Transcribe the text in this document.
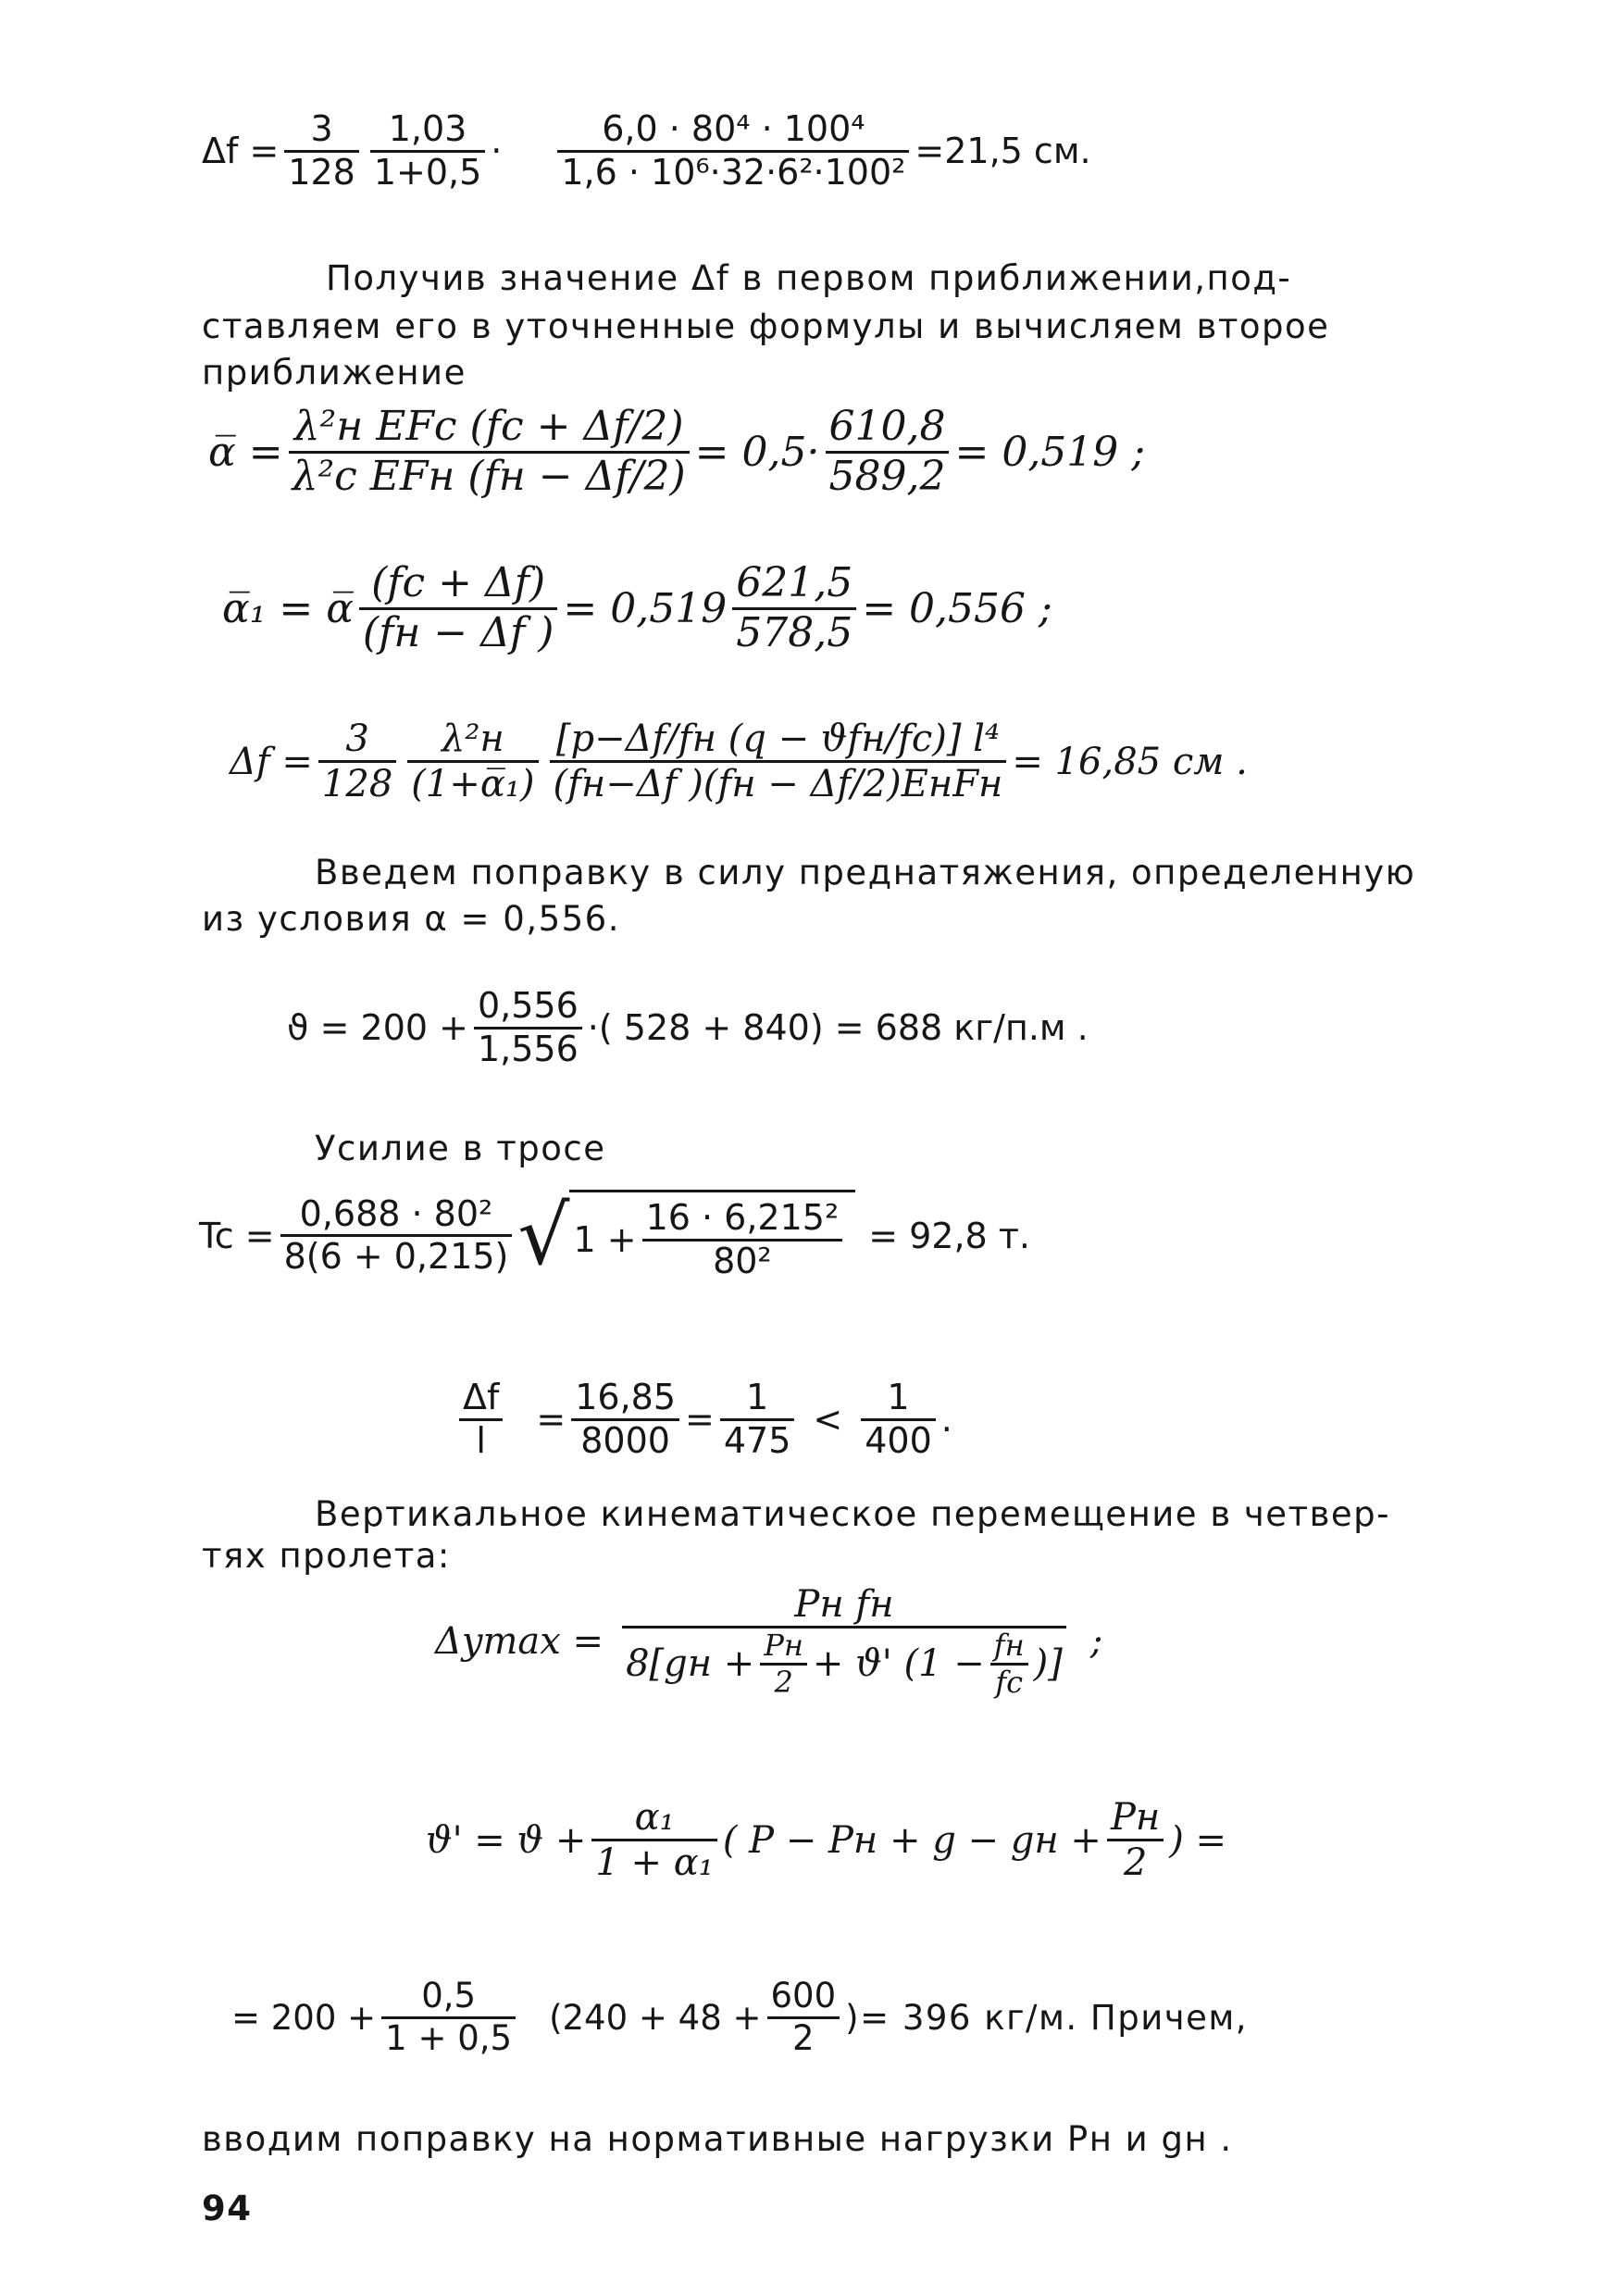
$\Delta f = \frac{3}{128} \frac{1,03}{1+0,5} \cdot \frac{\text{6,0 · 80⁴ · 100⁴}}{\text{1,6 · 10⁶·32·6²·100²}} =21,5$ см.
Получив значение Δf в первом приближении,под-
ставляем его в уточненные формулы и вычисляем второе
приближение
α̅ = $\frac{\text{λ²н EFc (fc + Δf/2)}}{\text{λ²c EFн (fн − Δf/2)}} = 0,5\cdot \frac{610,8}{589,2} = 0,519$ ;
α̅₁ = α̅ $\frac{(fc + \Delta f)}{(fн - \Delta f )} = 0,519 \frac{621,5}{578,5} = 0,556$ ;
$\Delta f = \frac{3}{128} \frac{\text{λ²н}}{\text{(1+α̅₁)}} \frac{\text{[p−Δf/fн (q − ϑfн/fc)] l⁴}}{\text{(fн−Δf )(fн − Δf/2)EнFн}} = 16,85$ см .
Введем поправку в силу преднатяжения, определенную
из условия α = 0,556.
$ϑ = 200 + \frac{0,556}{1,556}$ ·( 528 + 840) = 688 кг/п.м .
Усилие в тросе
$Tc = \frac{\text{0,688 · 80²}}{8(6 + 0,215)}$ √ $1 + \frac{\text{16 · 6,215²}}{\text{80²}} = 92,8$ т.
$\frac{\Delta f}{l} = \frac{16,85}{8000} = \frac{1}{475} < \frac{1}{400}$ .
Вертикальное кинематическое перемещение в четвер-
тях пролета:
Δymax =
Pн fн
$8[gн + \frac{Pн}{2} + ϑ'$ ($1 - \frac{fн}{fc}$ )]
;
$ϑ' = ϑ + \frac{\text{α₁}}{\text{1 + α₁}}$ ( P − Pн + g − gн + $\frac{Pн}{2}$ ) =
= $200 + \frac{0,5}{1 + 0,5} (240 + 48 + \frac{600}{2}$ )= 396 кг/м. Причем,
вводим поправку на нормативные нагрузки Pн и gн .
94
